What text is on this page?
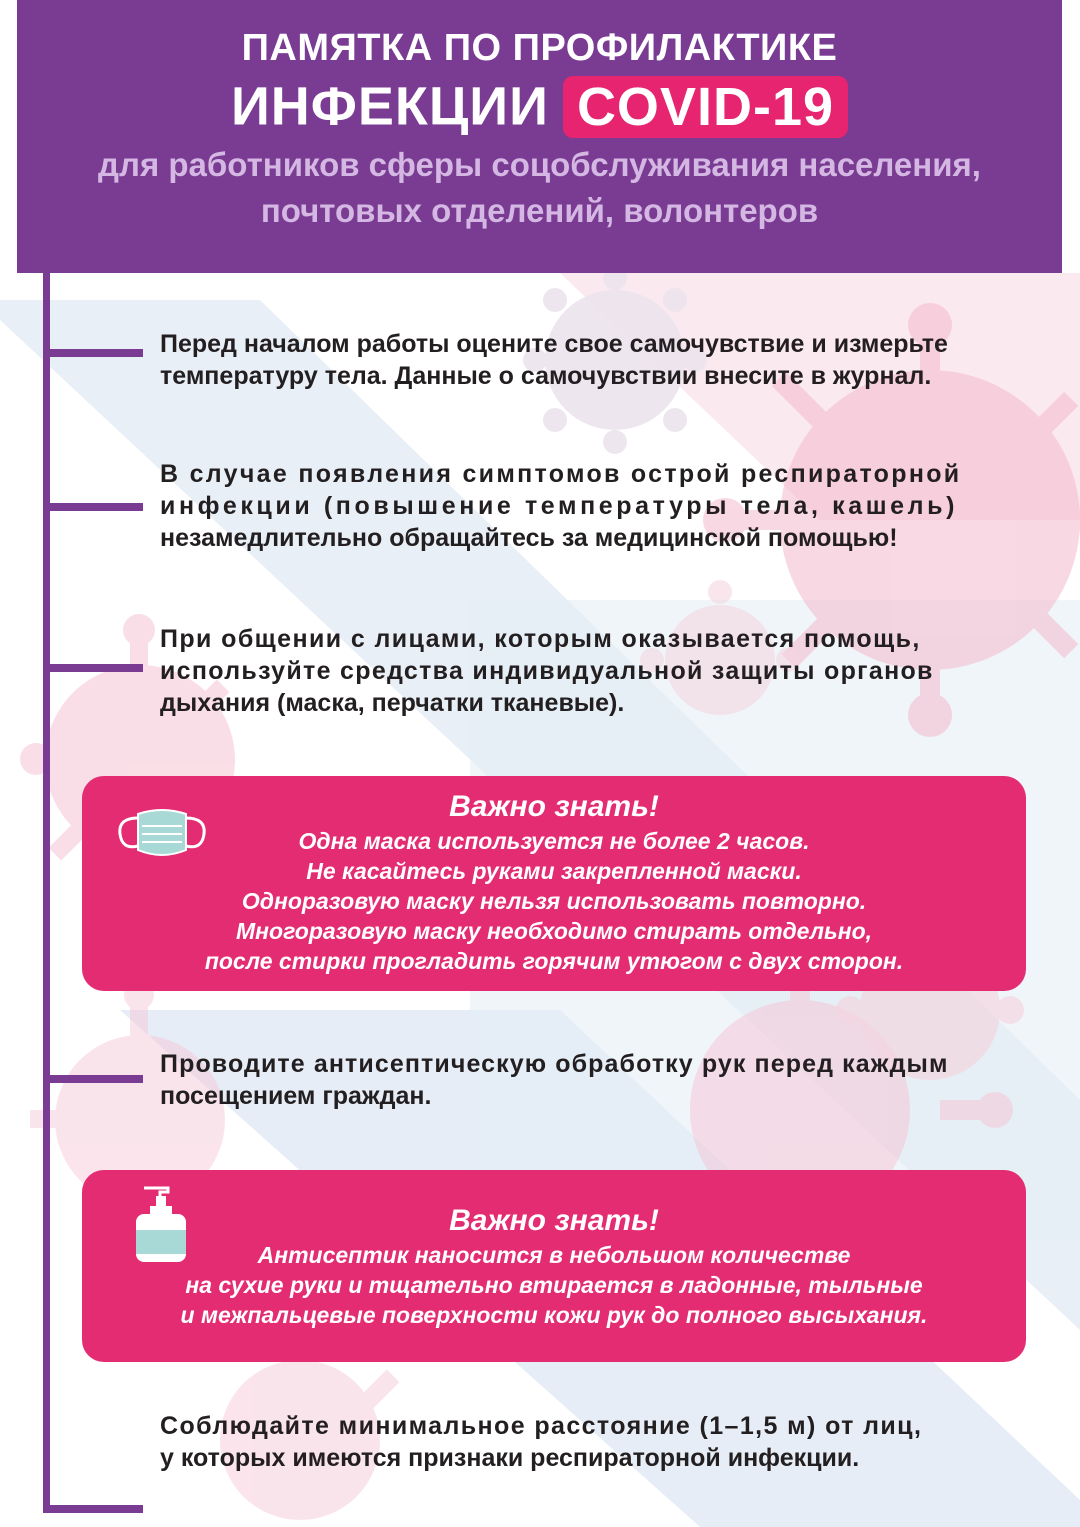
ПАМЯТКА ПО ПРОФИЛАКТИКЕ
ИНФЕКЦИИ COVID-19
для работников сферы соцобслуживания населения,
почтовых отделений, волонтеров
Перед началом работы оцените свое самочувствие и измерьте
температуру тела. Данные о самочувствии внесите в журнал.
В случае появления симптомов острой респираторной
инфекции (повышение температуры тела, кашель)
незамедлительно обращайтесь за медицинской помощью!
При общении с лицами, которым оказывается помощь,
используйте средства индивидуальной защиты органов
дыхания (маска, перчатки тканевые).
Важно знать!
Одна маска используется не более 2 часов.
Не касайтесь руками закрепленной маски.
Одноразовую маску нельзя использовать повторно.
Многоразовую маску необходимо стирать отдельно,
после стирки прогладить горячим утюгом с двух сторон.
Проводите антисептическую обработку рук перед каждым
посещением граждан.
Важно знать!
Антисептик наносится в небольшом количестве
на сухие руки и тщательно втирается в ладонные, тыльные
и межпальцевые поверхности кожи рук до полного высыхания.
Соблюдайте минимальное расстояние (1–1,5 м) от лиц,
у которых имеются признаки респираторной инфекции.
